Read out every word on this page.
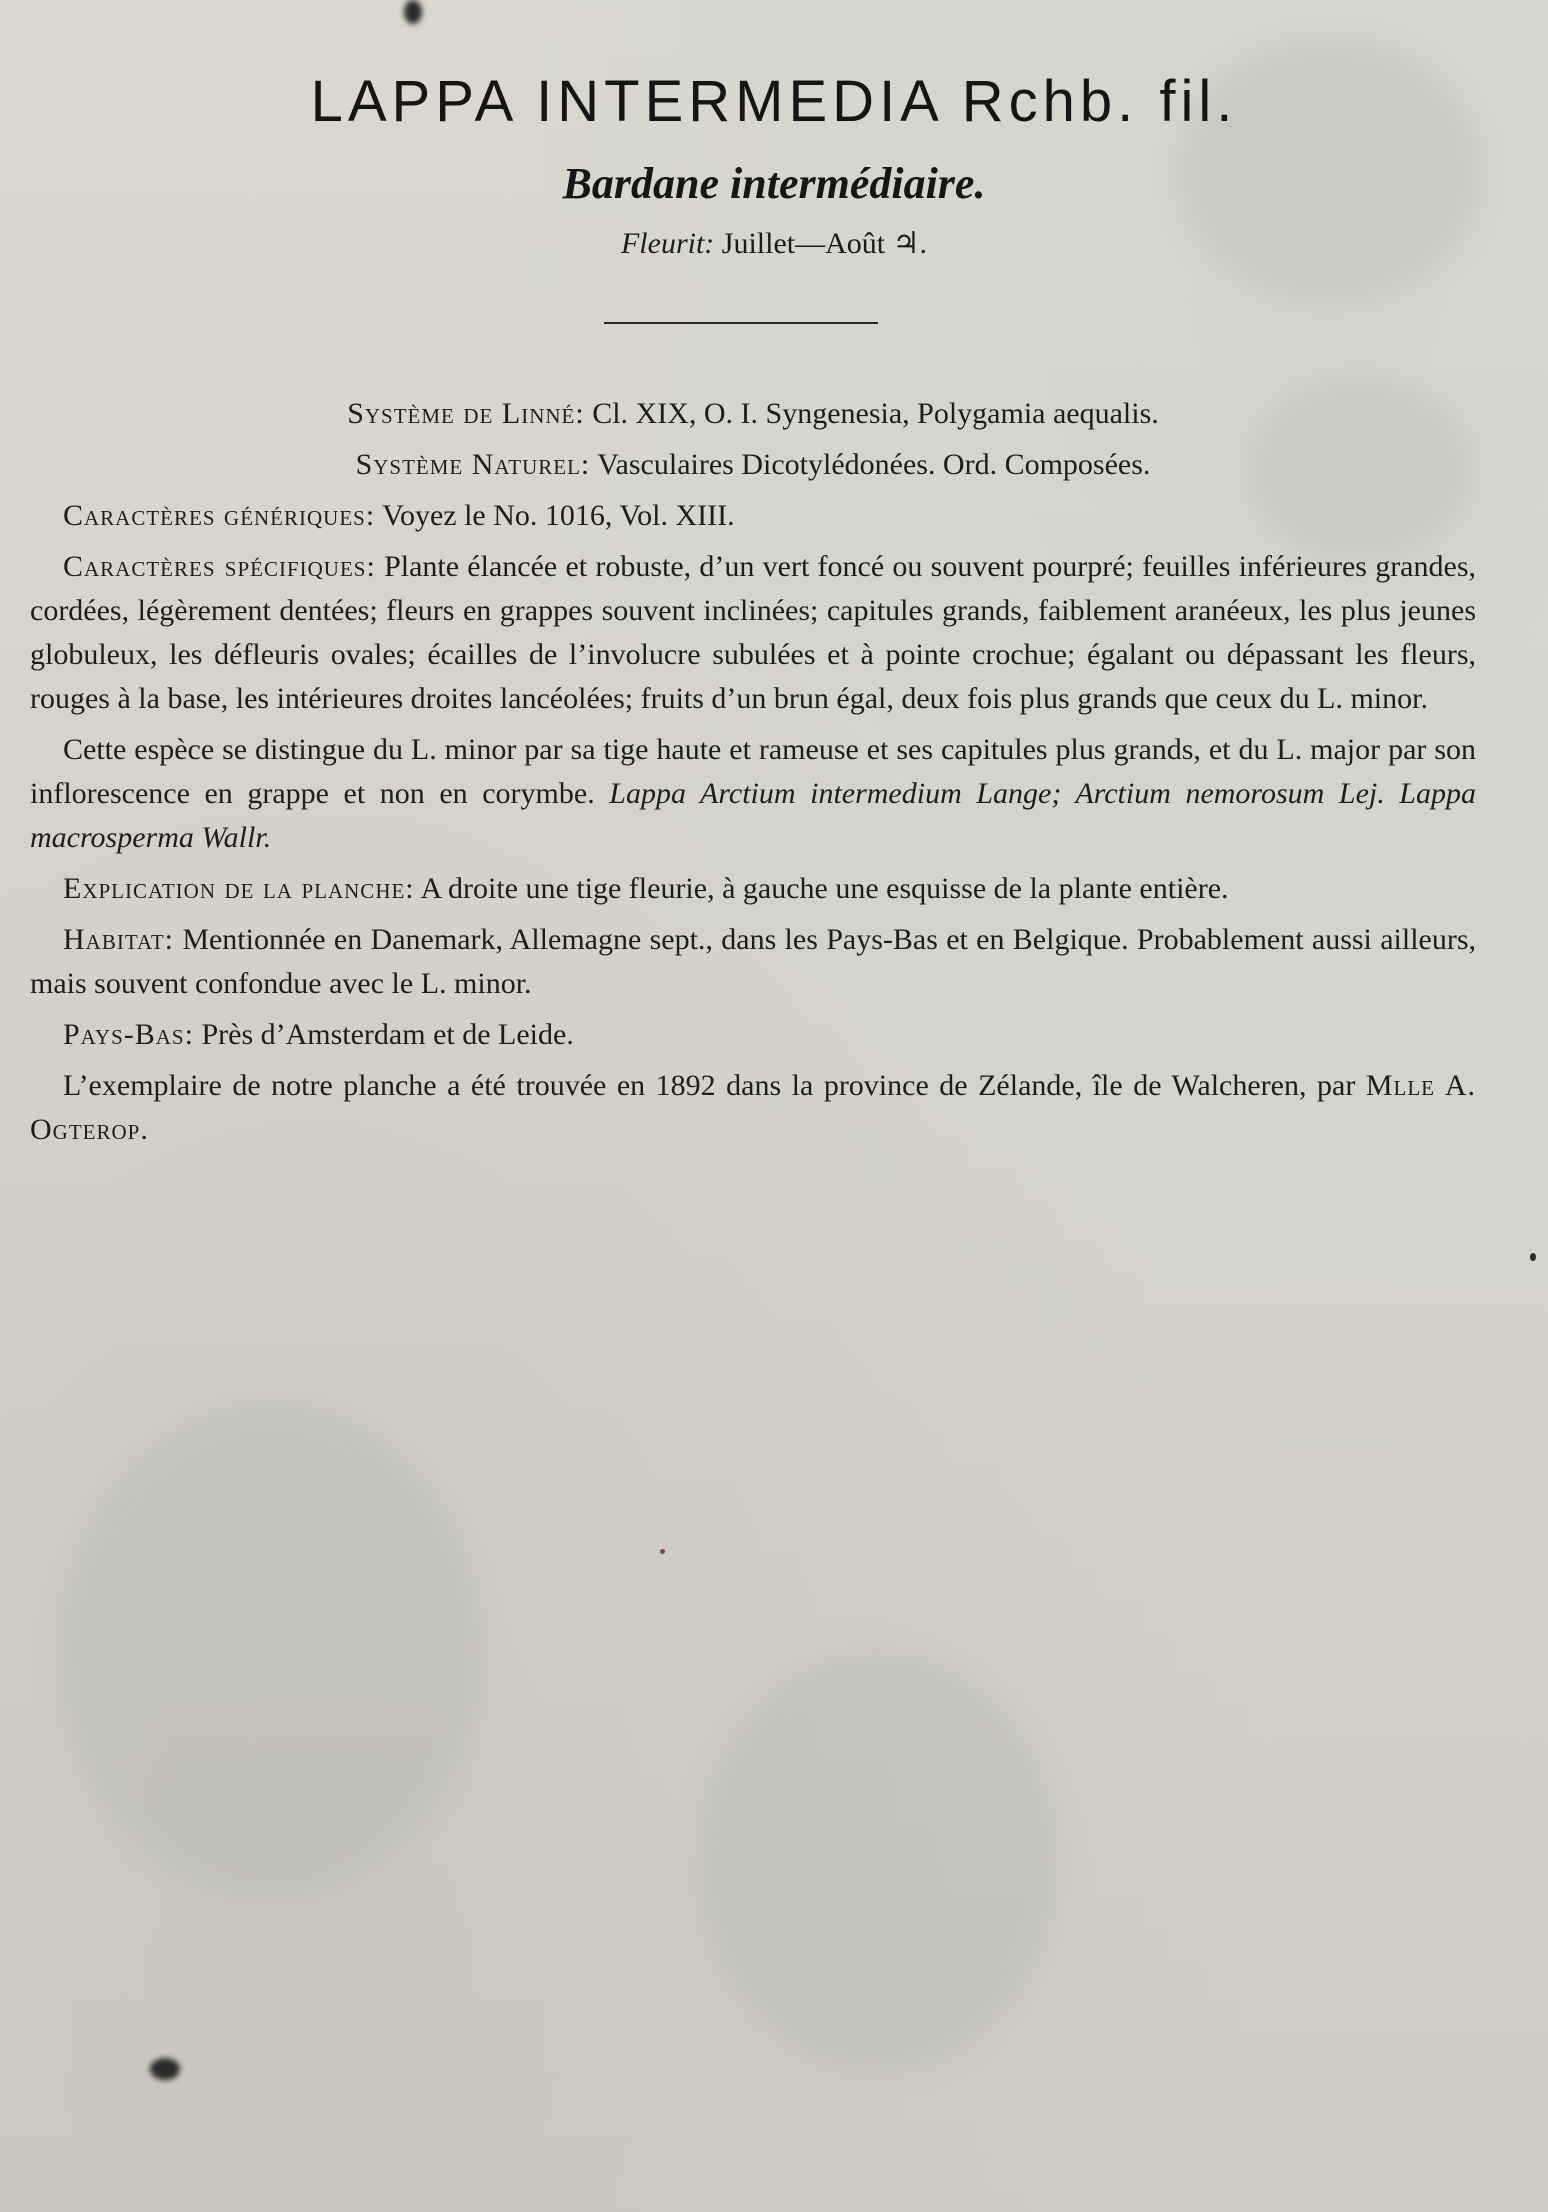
LAPPA INTERMEDIA Rchb. fil.
Bardane intermédiaire.
Fleurit: Juillet—Août ♃.

Système de Linné: Cl. XIX, O. I. Syngenesia, Polygamia aequalis.

Système Naturel: Vasculaires Dicotylédonées. Ord. Composées.

Caractères génériques: Voyez le No. 1016, Vol. XIII.

Caractères spécifiques: Plante élancée et robuste, d’un vert foncé ou souvent pourpré; feuilles inférieures grandes, cordées, légèrement dentées; fleurs en grappes souvent inclinées; capitules grands, faiblement aranéeux, les plus jeunes globuleux, les défleuris ovales; écailles de l’involucre subulées et à pointe crochue; égalant ou dépassant les fleurs, rouges à la base, les intérieures droites lancéolées; fruits d’un brun égal, deux fois plus grands que ceux du L. minor.

Cette espèce se distingue du L. minor par sa tige haute et rameuse et ses capitules plus grands, et du L. major par son inflorescence en grappe et non en corymbe. Lappa Arctium intermedium Lange; Arctium nemorosum Lej. Lappa macrosperma Wallr.

Explication de la planche: A droite une tige fleurie, à gauche une esquisse de la plante entière.

Habitat: Mentionnée en Danemark, Allemagne sept., dans les Pays-Bas et en Belgique. Probablement aussi ailleurs, mais souvent confondue avec le L. minor.

Pays-Bas: Près d’Amsterdam et de Leide.

L’exemplaire de notre planche a été trouvée en 1892 dans la province de Zélande, île de Walcheren, par Mlle A. Ogterop.
